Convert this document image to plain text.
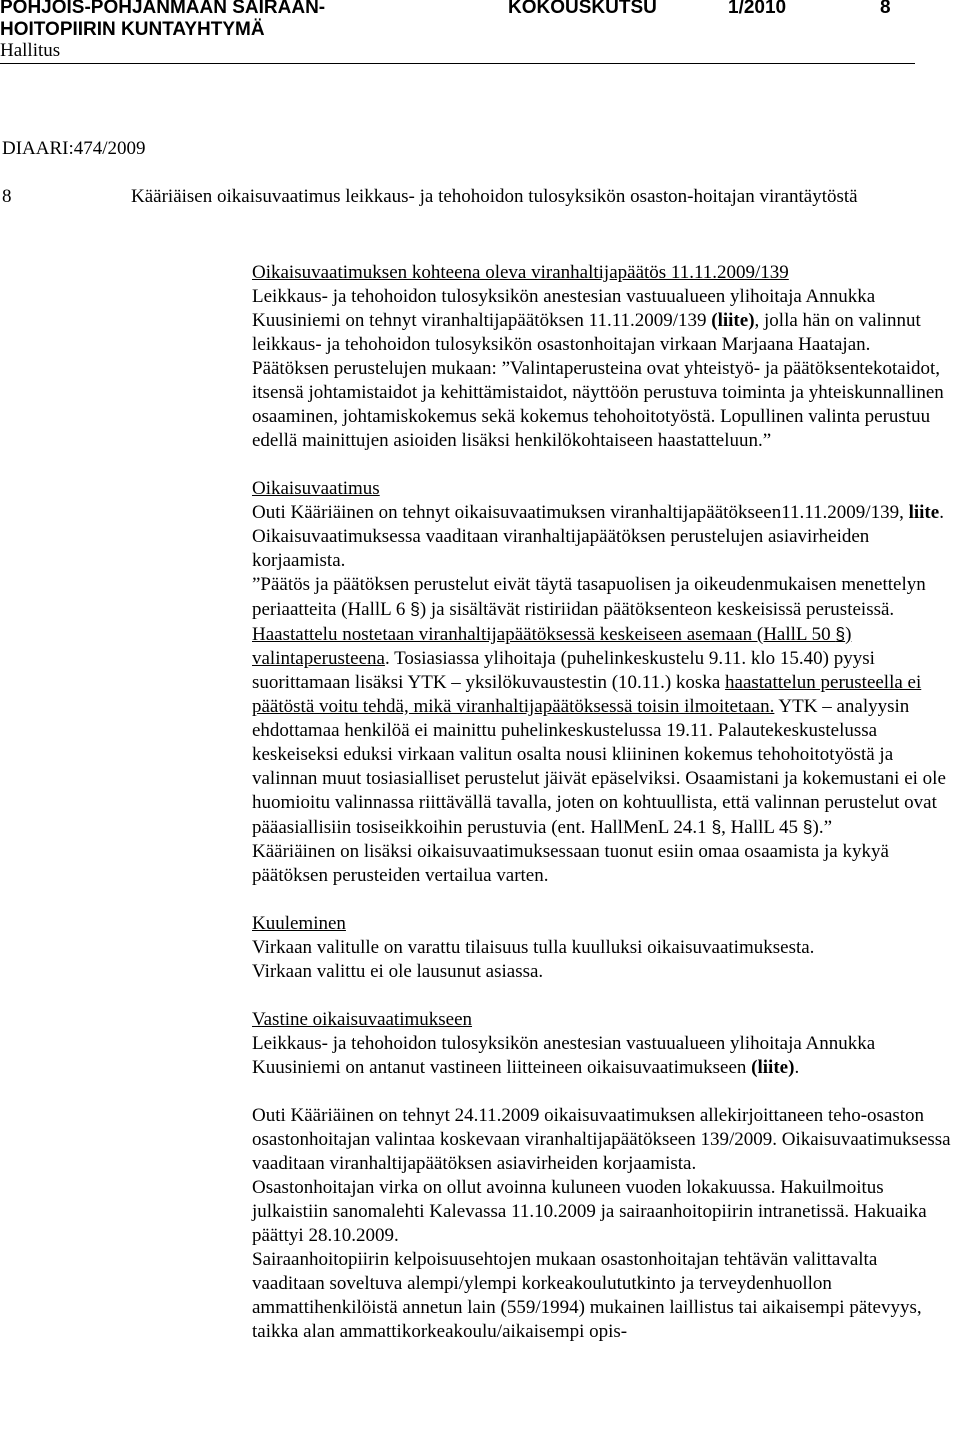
POHJOIS-POHJANMAAN SAIRAAN-
HOITOPIIRIN KUNTAYHTYMÄ
KOKOUSKUTSU	1/2010	8
Hallitus
DIAARI:474/2009
8	Kääriäisen oikaisuvaatimus leikkaus- ja tehohoidon tulosyksikön osaston-hoitajan virantäytöstä

Oikaisuvaatimuksen kohteena oleva viranhaltijapäätös 11.11.2009/139

Leikkaus- ja tehohoidon tulosyksikön anestesian vastuualueen ylihoitaja Annukka Kuusiniemi on tehnyt viranhaltijapäätöksen 11.11.2009/139 (liite), jolla hän on valinnut leikkaus- ja tehohoidon tulosyksikön osastonhoitajan virkaan Marjaana Haatajan.

Päätöksen perustelujen mukaan: ”Valintaperusteina ovat yhteistyö- ja päätöksentekotaidot, itsensä johtamistaidot ja kehittämistaidot, näyttöön perustuva toiminta ja yhteiskunnallinen osaaminen, johtamiskokemus sekä kokemus tehohoitotyöstä. Lopullinen valinta perustuu edellä mainittujen asioiden lisäksi henkilökohtaiseen haastatteluun.”

Oikaisuvaatimus

Outi Kääriäinen on tehnyt oikaisuvaatimuksen viranhaltijapäätökseen11.11.2009/139, liite. Oikaisuvaatimuksessa vaaditaan viranhaltijapäätöksen perustelujen asiavirheiden korjaamista.

”Päätös ja päätöksen perustelut eivät täytä tasapuolisen ja oikeudenmukaisen menettelyn periaatteita (HallL 6 §) ja sisältävät ristiriidan päätöksenteon keskeisissä perusteissä. Haastattelu nostetaan viranhaltijapäätöksessä keskeiseen asemaan (HallL 50 §) valintaperusteena. Tosiasiassa ylihoitaja (puhelinkeskustelu 9.11. klo 15.40) pyysi suorittamaan lisäksi YTK – yksilökuvaustestin (10.11.) koska haastattelun perusteella ei päätöstä voitu tehdä, mikä viranhaltijapäätöksessä toisin ilmoitetaan. YTK – analyysin ehdottamaa henkilöä ei mainittu puhelinkeskustelussa 19.11. Palautekeskustelussa keskeiseksi eduksi virkaan valitun osalta nousi kliininen kokemus tehohoitotyöstä ja valinnan muut tosiasialliset perustelut jäivät epäselviksi. Osaamistani ja kokemustani ei ole huomioitu valinnassa riittävällä tavalla, joten on kohtuullista, että valinnan perustelut ovat pääasiallisiin tosiseikkoihin perustuvia (ent. HallMenL 24.1 §, HallL 45 §).”

Kääriäinen on lisäksi oikaisuvaatimuksessaan tuonut esiin omaa osaamista ja kykyä päätöksen perusteiden vertailua varten.

Kuuleminen

Virkaan valitulle on varattu tilaisuus tulla kuulluksi oikaisuvaatimuksesta.

Virkaan valittu ei ole lausunut asiassa.

Vastine oikaisuvaatimukseen

Leikkaus- ja tehohoidon tulosyksikön anestesian vastuualueen ylihoitaja Annukka Kuusiniemi on antanut vastineen liitteineen oikaisuvaatimukseen (liite).

Outi Kääriäinen on tehnyt 24.11.2009 oikaisuvaatimuksen allekirjoittaneen teho-osaston osastonhoitajan valintaa koskevaan viranhaltijapäätökseen 139/2009. Oikaisuvaatimuksessa vaaditaan viranhaltijapäätöksen asiavirheiden korjaamista.

Osastonhoitajan virka on ollut avoinna kuluneen vuoden lokakuussa. Hakuilmoitus julkaistiin sanomalehti Kalevassa 11.10.2009 ja sairaanhoitopiirin intranetissä. Hakuaika päättyi 28.10.2009.

Sairaanhoitopiirin kelpoisuusehtojen mukaan osastonhoitajan tehtävän valittavalta vaaditaan soveltuva alempi/ylempi korkeakoulututkinto ja terveydenhuollon ammattihenkilöistä annetun lain (559/1994) mukainen laillistus tai aikaisempi pätevyys, taikka alan ammattikorkeakoulu/aikaisempi opis-
